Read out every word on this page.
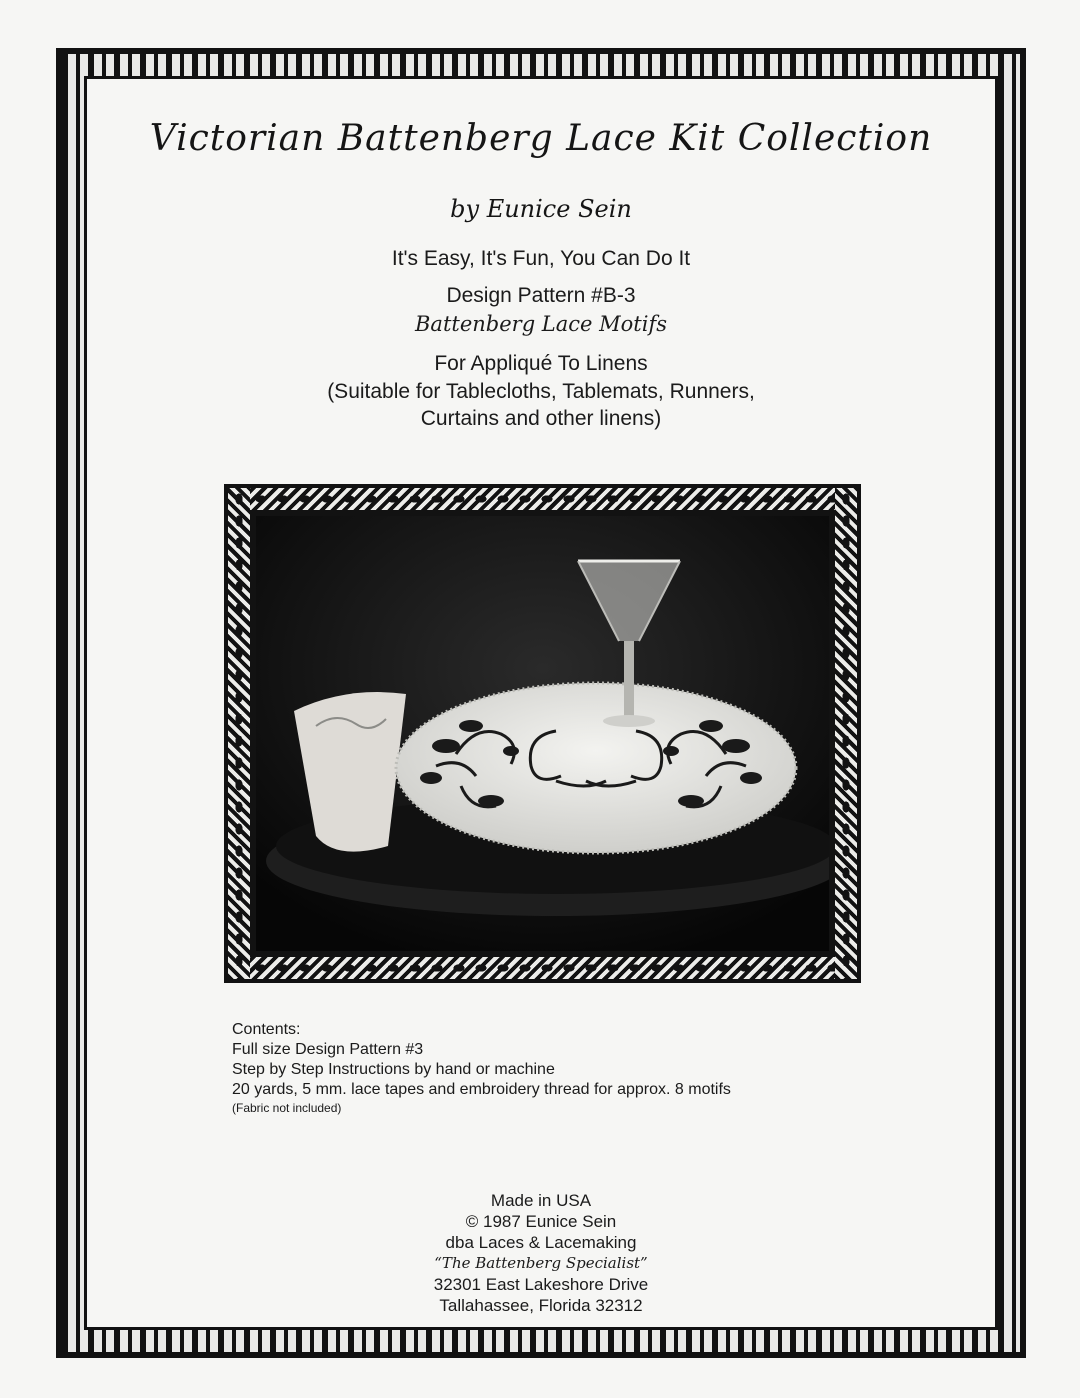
Victorian Battenberg Lace Kit Collection
by Eunice Sein
It's Easy, It's Fun, You Can Do It
Design Pattern #B-3
Battenberg Lace Motifs
For Appliqué To Linens
(Suitable for Tablecloths, Tablemats, Runners,
Curtains and other linens)
Contents:
Full size Design Pattern #3
Step by Step Instructions by hand or machine
20 yards, 5 mm. lace tapes and embroidery thread for approx. 8 motifs
(Fabric not included)
Made in USA
© 1987 Eunice Sein
dba Laces & Lacemaking
“The Battenberg Specialist”
32301 East Lakeshore Drive
Tallahassee, Florida 32312
